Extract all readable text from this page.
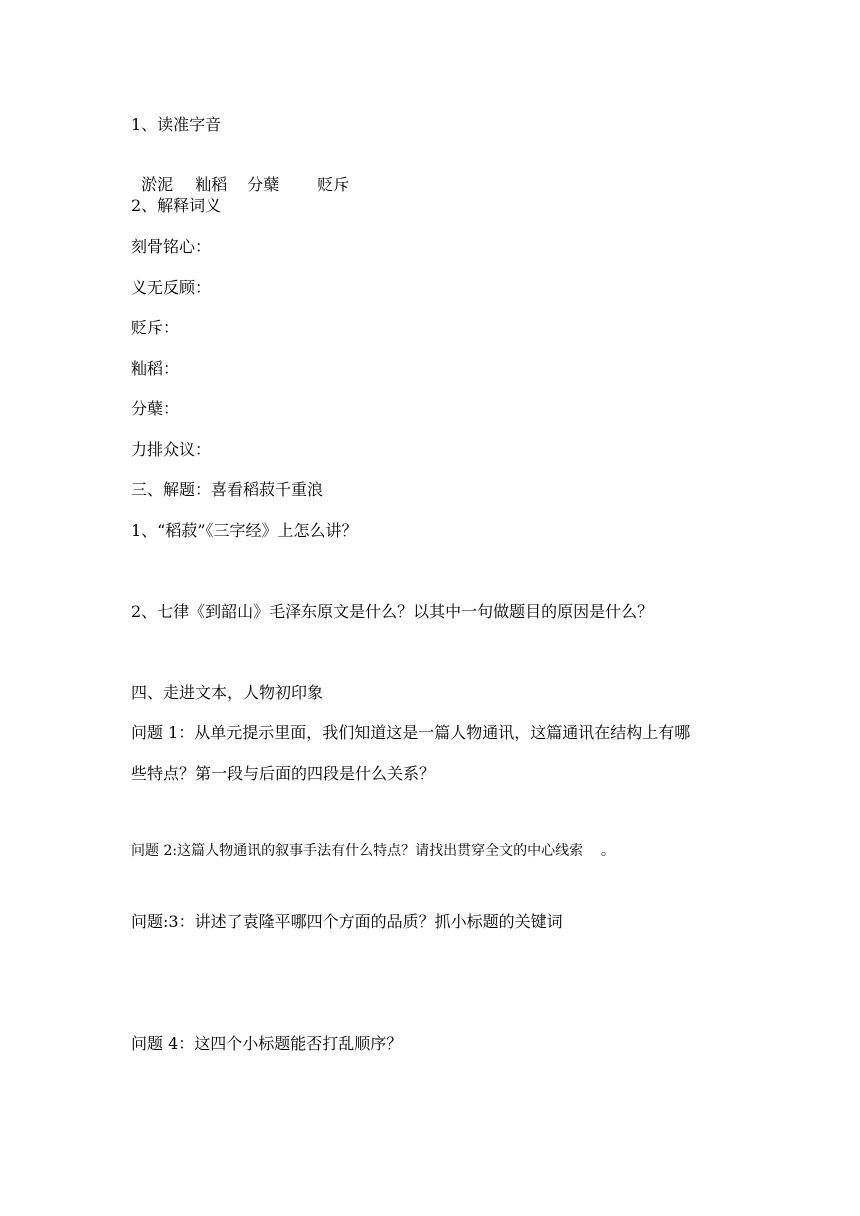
1、读准字音

淤泥 籼稻 分蘖 贬斥

2、解释词义

刻骨铭心：

义无反顾：

贬斥：

籼稻：

分蘖：

力排众议：

三、解题：喜看稻菽千重浪

1、“稻菽”《三字经》上怎么讲？

2、七律《到韶山》毛泽东原文是什么？以其中一句做题目的原因是什么？

四、走进文本，人物初印象

问题 1：从单元提示里面，我们知道这是一篇人物通讯，这篇通讯在结构上有哪

些特点？第一段与后面的四段是什么关系？

问题 2:这篇人物通讯的叙事手法有什么特点？请找出贯穿全文的中心线索    。

问题:3：讲述了袁隆平哪四个方面的品质？抓小标题的关键词

问题 4：这四个小标题能否打乱顺序？
